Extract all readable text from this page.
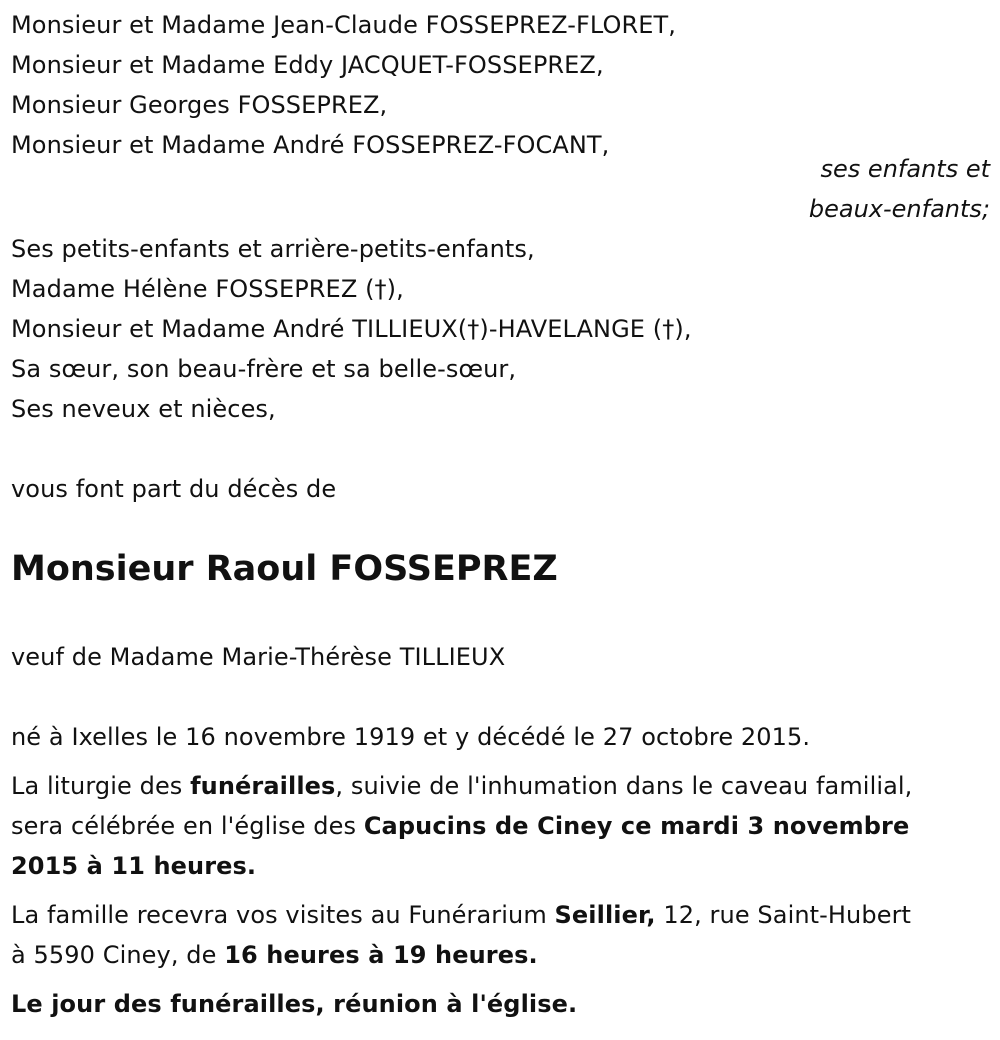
Monsieur et Madame Jean-Claude FOSSEPREZ-FLORET,
Monsieur et Madame Eddy JACQUET-FOSSEPREZ,
Monsieur Georges FOSSEPREZ,
Monsieur et Madame André FOSSEPREZ-FOCANT,
ses enfants et
beaux-enfants;
Ses petits-enfants et arrière-petits-enfants,
Madame Hélène FOSSEPREZ (†),
Monsieur et Madame André TILLIEUX(†)-HAVELANGE (†),
Sa sœur, son beau-frère et sa belle-sœur,
Ses neveux et nièces,
vous font part du décès de
Monsieur Raoul FOSSEPREZ
veuf de Madame Marie-Thérèse TILLIEUX
né à Ixelles le 16 novembre 1919 et y décédé le 27 octobre 2015.
La liturgie des funérailles, suivie de l'inhumation dans le caveau familial,
sera célébrée en l'église des Capucins de Ciney ce mardi 3 novembre
2015 à 11 heures.
La famille recevra vos visites au Funérarium Seillier, 12, rue Saint-Hubert
à 5590 Ciney, de 16 heures à 19 heures.
Le jour des funérailles, réunion à l'église.
